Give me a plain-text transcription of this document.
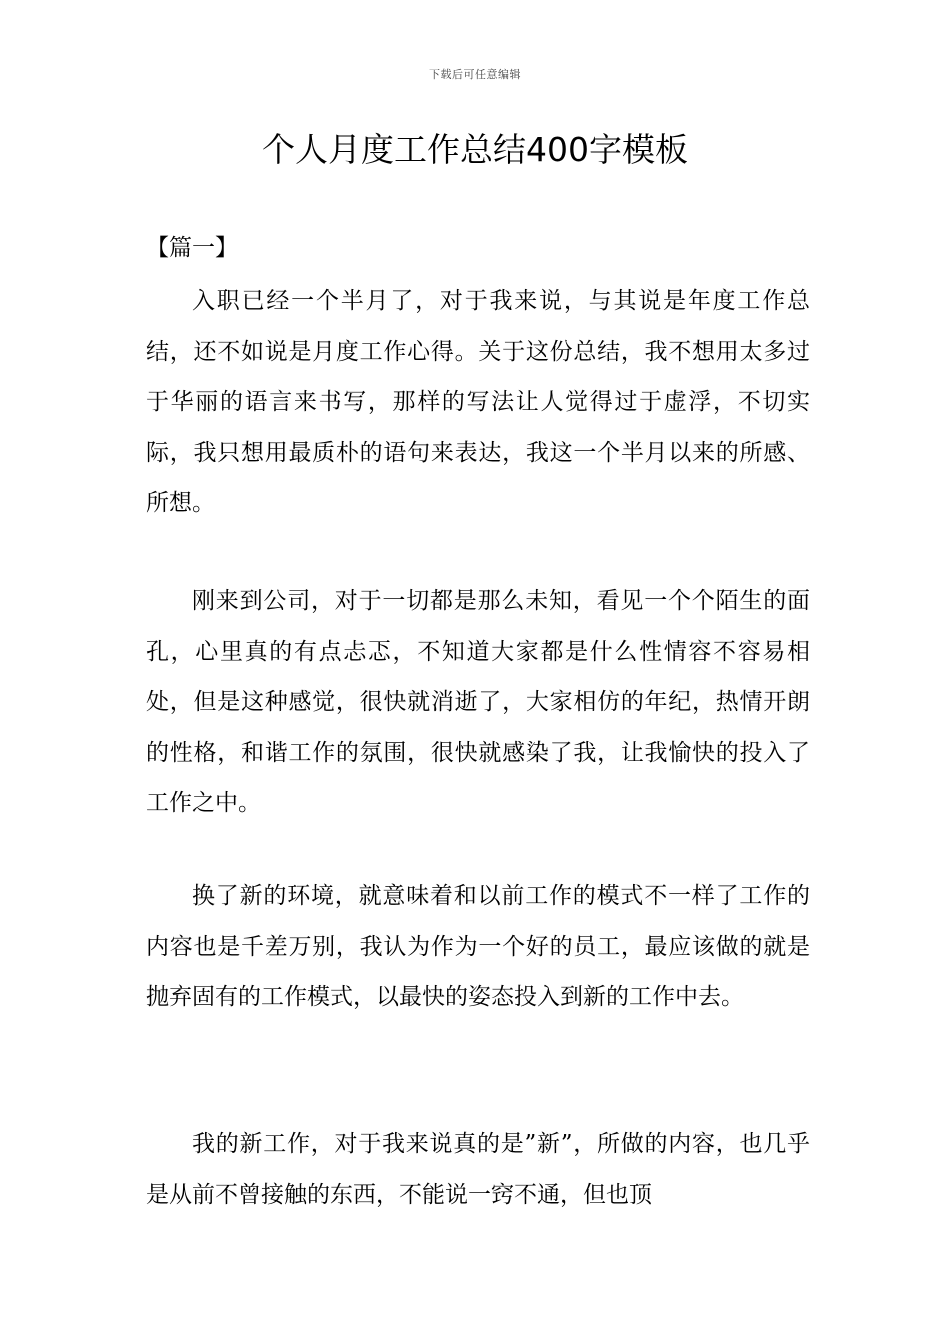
下载后可任意编辑
个人月度工作总结400字模板
【篇一】

入职已经一个半月了，对于我来说，与其说是年度工作总结，还不如说是月度工作心得。关于这份总结，我不想用太多过于华丽的语言来书写，那样的写法让人觉得过于虚浮，不切实际，我只想用最质朴的语句来表达，我这一个半月以来的所感、所想。

刚来到公司，对于一切都是那么未知，看见一个个陌生的面孔，心里真的有点忐忑，不知道大家都是什么性情容不容易相处，但是这种感觉，很快就消逝了，大家相仿的年纪，热情开朗的性格，和谐工作的氛围，很快就感染了我，让我愉快的投入了工作之中。

换了新的环境，就意味着和以前工作的模式不一样了工作的内容也是千差万别，我认为作为一个好的员工，最应该做的就是抛弃固有的工作模式，以最快的姿态投入到新的工作中去。

我的新工作，对于我来说真的是”新”，所做的内容，也几乎是从前不曾接触的东西，不能说一窍不通，但也顶
